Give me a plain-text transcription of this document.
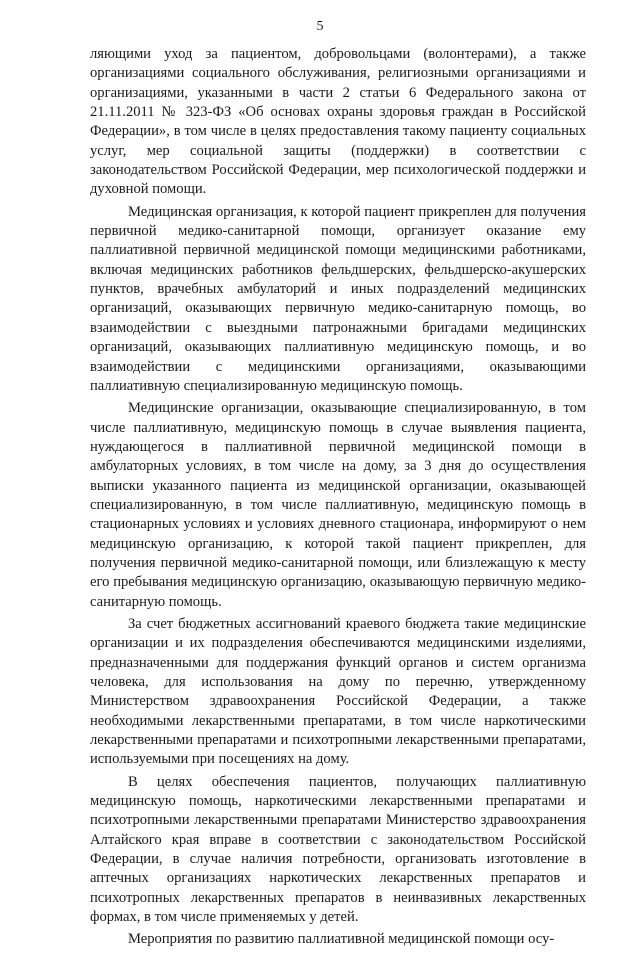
5

ляющими уход за пациентом, добровольцами (волонтерами), а также организациями социального обслуживания, религиозными организациями и организациями, указанными в части 2 статьи 6 Федерального закона от 21.11.2011 № 323-ФЗ «Об основах охраны здоровья граждан в Российской Федерации», в том числе в целях предоставления такому пациенту социальных услуг, мер социальной защиты (поддержки) в соответствии с законодательством Российской Федерации, мер психологической поддержки и духовной помощи.

Медицинская организация, к которой пациент прикреплен для получения первичной медико-санитарной помощи, организует оказание ему паллиативной первичной медицинской помощи медицинскими работниками, включая медицинских работников фельдшерских, фельдшерско-акушерских пунктов, врачебных амбулаторий и иных подразделений медицинских организаций, оказывающих первичную медико-санитарную помощь, во взаимодействии с выездными патронажными бригадами медицинских организаций, оказывающих паллиативную медицинскую помощь, и во взаимодействии с медицинскими организациями, оказывающими паллиативную специализированную медицинскую помощь.

Медицинские организации, оказывающие специализированную, в том числе паллиативную, медицинскую помощь в случае выявления пациента, нуждающегося в паллиативной первичной медицинской помощи в амбулаторных условиях, в том числе на дому, за 3 дня до осуществления выписки указанного пациента из медицинской организации, оказывающей специализированную, в том числе паллиативную, медицинскую помощь в стационарных условиях и условиях дневного стационара, информируют о нем медицинскую организацию, к которой такой пациент прикреплен, для получения первичной медико-санитарной помощи, или близлежащую к месту его пребывания медицинскую организацию, оказывающую первичную медико-санитарную помощь.

За счет бюджетных ассигнований краевого бюджета такие медицинские организации и их подразделения обеспечиваются медицинскими изделиями, предназначенными для поддержания функций органов и систем организма человека, для использования на дому по перечню, утвержденному Министерством здравоохранения Российской Федерации, а также необходимыми лекарственными препаратами, в том числе наркотическими лекарственными препаратами и психотропными лекарственными препаратами, используемыми при посещениях на дому.

В целях обеспечения пациентов, получающих паллиативную медицинскую помощь, наркотическими лекарственными препаратами и психотропными лекарственными препаратами Министерство здравоохранения Алтайского края вправе в соответствии с законодательством Российской Федерации, в случае наличия потребности, организовать изготовление в аптечных организациях наркотических лекарственных препаратов и психотропных лекарственных препаратов в неинвазивных лекарственных формах, в том числе применяемых у детей.

Мероприятия по развитию паллиативной медицинской помощи осу-
